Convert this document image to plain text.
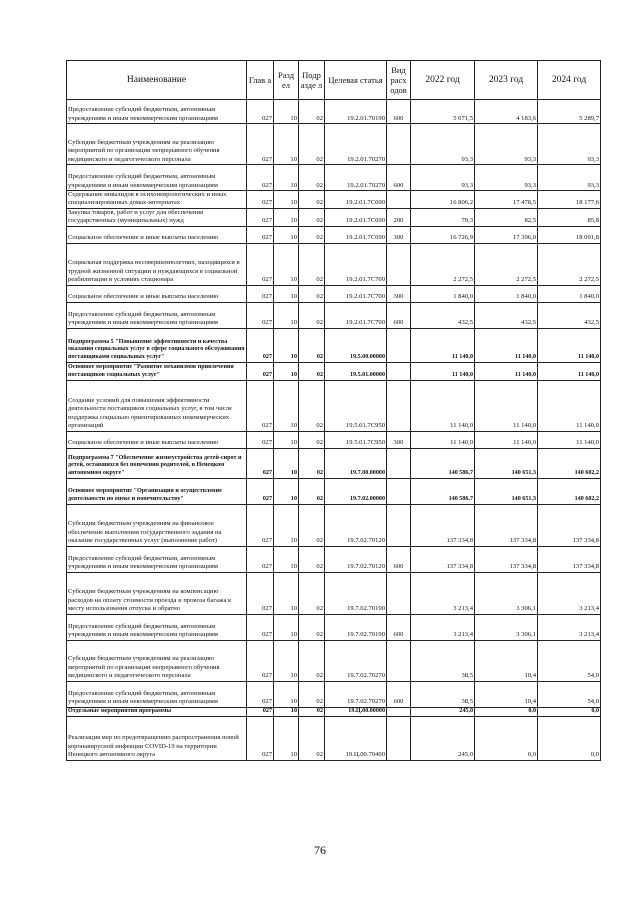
Наименование	Глав а	Разд ел	Подр азде л	Целевая статья	Вид расх одов	2022 год	2023 год	2024 год
Предоставление субсидий бюджетным, автономным учреждениям и иным некоммерческим организациям	027	10	02	19.2.01.70190	600	5 071,5	4 183,6	5 289,7
Субсидии бюджетным учреждениям на реализацию мероприятий по организации непрерывного обучения медицинского и педагогического персонала	027	10	02	19.2.01.70270		93,3	93,3	93,3
Предоставление субсидий бюджетным, автономным учреждениям и иным некоммерческим организациям	027	10	02	19.2.01.70270	600	93,3	93,3	93,3
Содержание инвалидов в психоневрологических и иных специализированных домах-интернатах	027	10	02	19.2.01.7С690		16 806,2	17 478,5	18 177,6
Закупка товаров, работ и услуг для обеспечения государственных (муниципальных) нужд	027	10	02	19.2.01.7С690	200	79,3	82,5	85,8
Социальное обеспечение и иные выплаты населению	027	10	02	19.2.01.7С690	300	16 726,9	17 396,0	18 091,8
Социальная поддержка несовершеннолетних, находящихся в трудной жизненной ситуации и нуждающихся в социальной реабилитации в условиях стационара	027	10	02	19.2.01.7С700		2 272,5	2 272,5	2 272,5
Социальное обеспечение и иные выплаты населению	027	10	02	19.2.01.7С700	300	1 840,0	1 840,0	1 840,0
Предоставление субсидий бюджетным, автономным учреждениям и иным некоммерческим организациям	027	10	02	19.2.01.7С700	600	432,5	432,5	432,5
Подпрограмма 5 "Повышение эффективности и качества оказания социальных услуг в сфере социального обслуживания поставщиками социальных услуг"	027	10	02	19.5.00.00000		11 140,0	11 140,0	11 140,0
Основное мероприятие "Развитие механизмов привлечения поставщиков социальных услуг"	027	10	02	19.5.01.00000		11 140,0	11 140,0	11 140,0
Создание условий для повышения эффективности деятельности поставщиков социальных услуг, в том числе поддержка социально ориентированных некоммерческих организаций	027	10	02	19.5.01.7С950		11 140,0	11 140,0	11 140,0
Социальное обеспечение и иные выплаты населению	027	10	02	19.5.01.7С950	300	11 140,0	11 140,0	11 140,0
Подпрограмма 7 "Обеспечение жизнеустройства детей-сирот и детей, оставшихся без попечения родителей, в Ненецком автономном округе"	027	10	02	19.7.00.00000		140 586,7	140 651,3	140 602,2
Основное мероприятие "Организация и осуществление деятельности по опеке и попечительству"	027	10	02	19.7.02.00000		140 586,7	140 651,3	140 602,2
Субсидии бюджетным учреждениям на финансовое обеспечение выполнения государственного задания на оказание государственных услуг (выполнение работ)	027	10	02	19.7.02.70120		137 334,8	137 334,8	137 334,8
Предоставление субсидий бюджетным, автономным учреждениям и иным некоммерческим организациям	027	10	02	19.7.02.70120	600	137 334,8	137 334,8	137 334,8
Субсидии бюджетным учреждениям на компенсацию расходов на оплату стоимости проезда и провоза багажа к месту использования отпуска и обратно	027	10	02	19.7.02.70190		3 213,4	3 306,1	3 213,4
Предоставление субсидий бюджетным, автономным учреждениям и иным некоммерческим организациям	027	10	02	19.7.02.70190	600	3 213,4	3 306,1	3 213,4
Субсидии бюджетным учреждениям на реализацию мероприятий по организации непрерывного обучения медицинского и педагогического персонала	027	10	02	19.7.02.70270		38,5	10,4	54,0
Предоставление субсидий бюджетным, автономным учреждениям и иным некоммерческим организациям	027	10	02	19.7.02.70270	600	38,5	10,4	54,0
Отдельные мероприятия программы	027	10	02	19.Ц.00.00000		245,0	0,0	0,0
Реализация мер по предотвращению распространения новой коронавирусной инфекции COVID-19 на территории Ненецкого автономного округа	027	10	02	19.Ц.00.70400		245,0	0,0	0,0
76
